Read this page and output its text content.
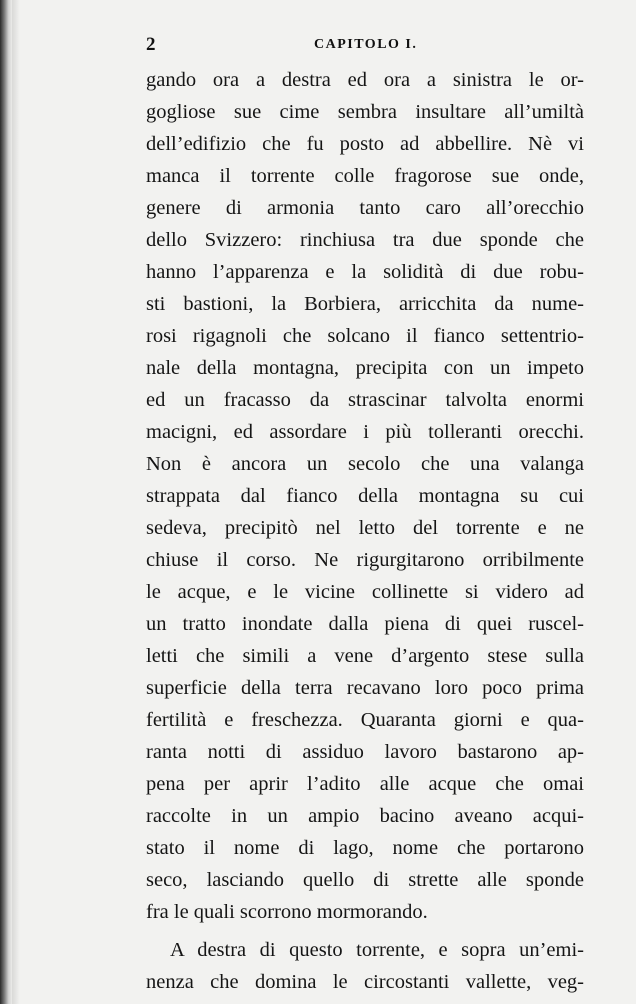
2	CAPITOLO I.
gando ora a destra ed ora a sinistra le or-
gogliose sue cime sembra insultare all’umiltà
dell’edifizio che fu posto ad abbellire. Nè vi
manca il torrente colle fragorose sue onde,
genere di armonia tanto caro all’orecchio
dello Svizzero: rinchiusa tra due sponde che
hanno l’apparenza e la solidità di due robu-
sti bastioni, la Borbiera, arricchita da nume-
rosi rigagnoli che solcano il fianco settentrio-
nale della montagna, precipita con un impeto
ed un fracasso da strascinar talvolta enormi
macigni, ed assordare i più tolleranti orecchi.
Non è ancora un secolo che una valanga
strappata dal fianco della montagna su cui
sedeva, precipitò nel letto del torrente e ne
chiuse il corso. Ne rigurgitarono orribilmente
le acque, e le vicine collinette si videro ad
un tratto inondate dalla piena di quei ruscel-
letti che simili a vene d’argento stese sulla
superficie della terra recavano loro poco prima
fertilità e freschezza. Quaranta giorni e qua-
ranta notti di assiduo lavoro bastarono ap-
pena per aprir l’adito alle acque che omai
raccolte in un ampio bacino aveano acqui-
stato il nome di lago, nome che portarono
seco, lasciando quello di strette alle sponde
fra le quali scorrono mormorando.
A destra di questo torrente, e sopra un’emi-
nenza che domina le circostanti vallette, veg-
